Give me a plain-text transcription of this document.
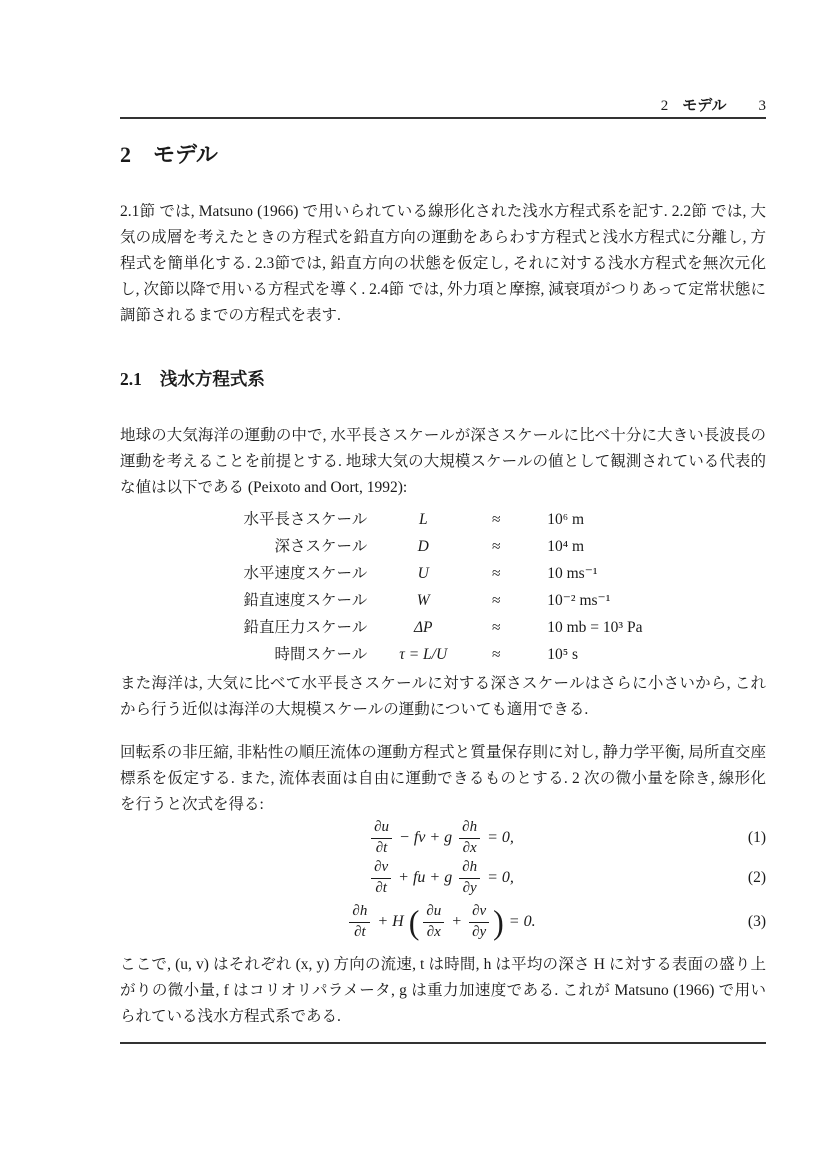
2 モデル 3
2 モデル

2.1節 では, Matsuno (1966) で用いられている線形化された浅水方程式系を記す. 2.2節 では, 大気の成層を考えたときの方程式を鉛直方向の運動をあらわす方程式と浅水方程式に分離し, 方程式を簡単化する. 2.3節では, 鉛直方向の状態を仮定し, それに対する浅水方程式を無次元化し, 次節以降で用いる方程式を導く. 2.4節 では, 外力項と摩擦, 減衰項がつりあって定常状態に調節されるまでの方程式を表す.

2.1 浅水方程式系

地球の大気海洋の運動の中で, 水平長さスケールが深さスケールに比べ十分に大きい長波長の運動を考えることを前提とする. 地球大気の大規模スケールの値として観測されている代表的な値は以下である (Peixoto and Oort, 1992):

水平長さスケール	L	≈	10⁶ m
深さスケール	D	≈	10⁴ m
水平速度スケール	U	≈	10 ms⁻¹
鉛直速度スケール	W	≈	10⁻² ms⁻¹
鉛直圧力スケール	ΔP	≈	10 mb = 10³ Pa
時間スケール	τ = L/U	≈	10⁵ s

また海洋は, 大気に比べて水平長さスケールに対する深さスケールはさらに小さいから, これから行う近似は海洋の大規模スケールの運動についても適用できる.

回転系の非圧縮, 非粘性の順圧流体の運動方程式と質量保存則に対し, 静力学平衡, 局所直交座標系を仮定する. また, 流体表面は自由に運動できるものとする. 2 次の微小量を除き, 線形化を行うと次式を得る:

$\frac{\partial u}{\partial t}$ − fv + g $\frac{\partial h}{\partial x} = 0$,	(1)
$\frac{\partial v}{\partial t}$ + fu + g $\frac{\partial h}{\partial y} = 0$,	(2)
$\frac{\partial h}{\partial t} + H$ ( $\frac{\partial u}{\partial x} + \frac{\partial v}{\partial y}$ ) = 0.	(3)

ここで, (u, v) はそれぞれ (x, y) 方向の流速, t は時間, h は平均の深さ H に対する表面の盛り上がりの微小量, f はコリオリパラメータ, g は重力加速度である. これが Matsuno (1966) で用いられている浅水方程式系である.
